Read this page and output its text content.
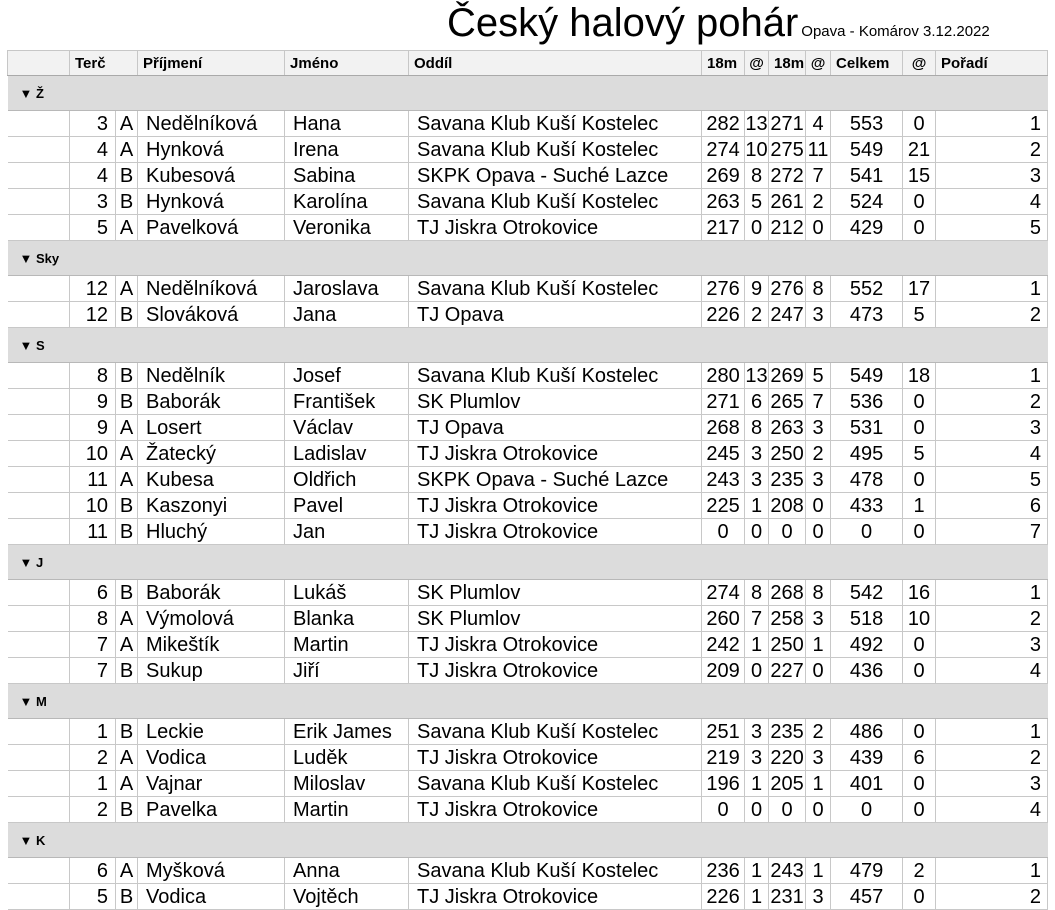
Český halový pohár Opava - Komárov 3.12.2022
	Terč		Příjmení	Jméno	Oddíl	18m	@	18m	@	Celkem	@	Pořadí
▼ Ž												
	3	A	Nedělníková	Hana	Savana Klub Kuší Kostelec	282	13	271	4	553	0	1
	4	A	Hynková	Irena	Savana Klub Kuší Kostelec	274	10	275	11	549	21	2
	4	B	Kubesová	Sabina	SKPK Opava - Suché Lazce	269	8	272	7	541	15	3
	3	B	Hynková	Karolína	Savana Klub Kuší Kostelec	263	5	261	2	524	0	4
	5	A	Pavelková	Veronika	TJ Jiskra Otrokovice	217	0	212	0	429	0	5
▼ Sky												
	12	A	Nedělníková	Jaroslava	Savana Klub Kuší Kostelec	276	9	276	8	552	17	1
	12	B	Slováková	Jana	TJ Opava	226	2	247	3	473	5	2
▼ S												
	8	B	Nedělník	Josef	Savana Klub Kuší Kostelec	280	13	269	5	549	18	1
	9	B	Baborák	František	SK Plumlov	271	6	265	7	536	0	2
	9	A	Losert	Václav	TJ Opava	268	8	263	3	531	0	3
	10	A	Žatecký	Ladislav	TJ Jiskra Otrokovice	245	3	250	2	495	5	4
	11	A	Kubesa	Oldřich	SKPK Opava - Suché Lazce	243	3	235	3	478	0	5
	10	B	Kaszonyi	Pavel	TJ Jiskra Otrokovice	225	1	208	0	433	1	6
	11	B	Hluchý	Jan	TJ Jiskra Otrokovice	0	0	0	0	0	0	7
▼ J												
	6	B	Baborák	Lukáš	SK Plumlov	274	8	268	8	542	16	1
	8	A	Výmolová	Blanka	SK Plumlov	260	7	258	3	518	10	2
	7	A	Mikeštík	Martin	TJ Jiskra Otrokovice	242	1	250	1	492	0	3
	7	B	Sukup	Jiří	TJ Jiskra Otrokovice	209	0	227	0	436	0	4
▼ M												
	1	B	Leckie	Erik James	Savana Klub Kuší Kostelec	251	3	235	2	486	0	1
	2	A	Vodica	Luděk	TJ Jiskra Otrokovice	219	3	220	3	439	6	2
	1	A	Vajnar	Miloslav	Savana Klub Kuší Kostelec	196	1	205	1	401	0	3
	2	B	Pavelka	Martin	TJ Jiskra Otrokovice	0	0	0	0	0	0	4
▼ K												
	6	A	Myšková	Anna	Savana Klub Kuší Kostelec	236	1	243	1	479	2	1
	5	B	Vodica	Vojtěch	TJ Jiskra Otrokovice	226	1	231	3	457	0	2
